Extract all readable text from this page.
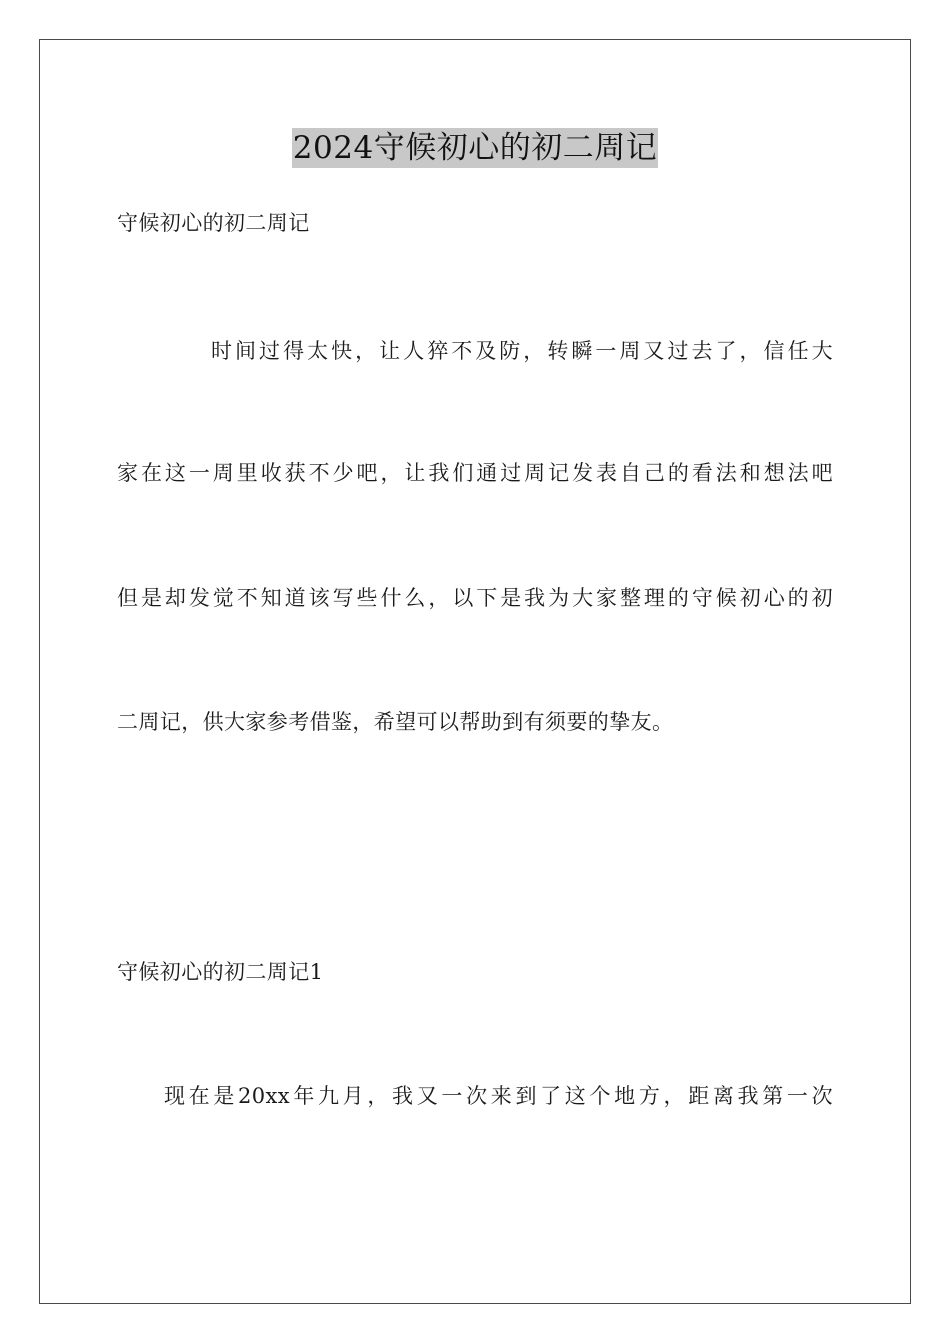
2024守候初心的初二周记
守候初心的初二周记
时间过得太快，让人猝不及防，转瞬一周又过去了，信任大
家在这一周里收获不少吧，让我们通过周记发表自己的看法和想法吧
但是却发觉不知道该写些什么，以下是我为大家整理的守候初心的初
二周记，供大家参考借鉴，希望可以帮助到有须要的挚友。
守候初心的初二周记1
现在是20xx年九月，我又一次来到了这个地方，距离我第一次
